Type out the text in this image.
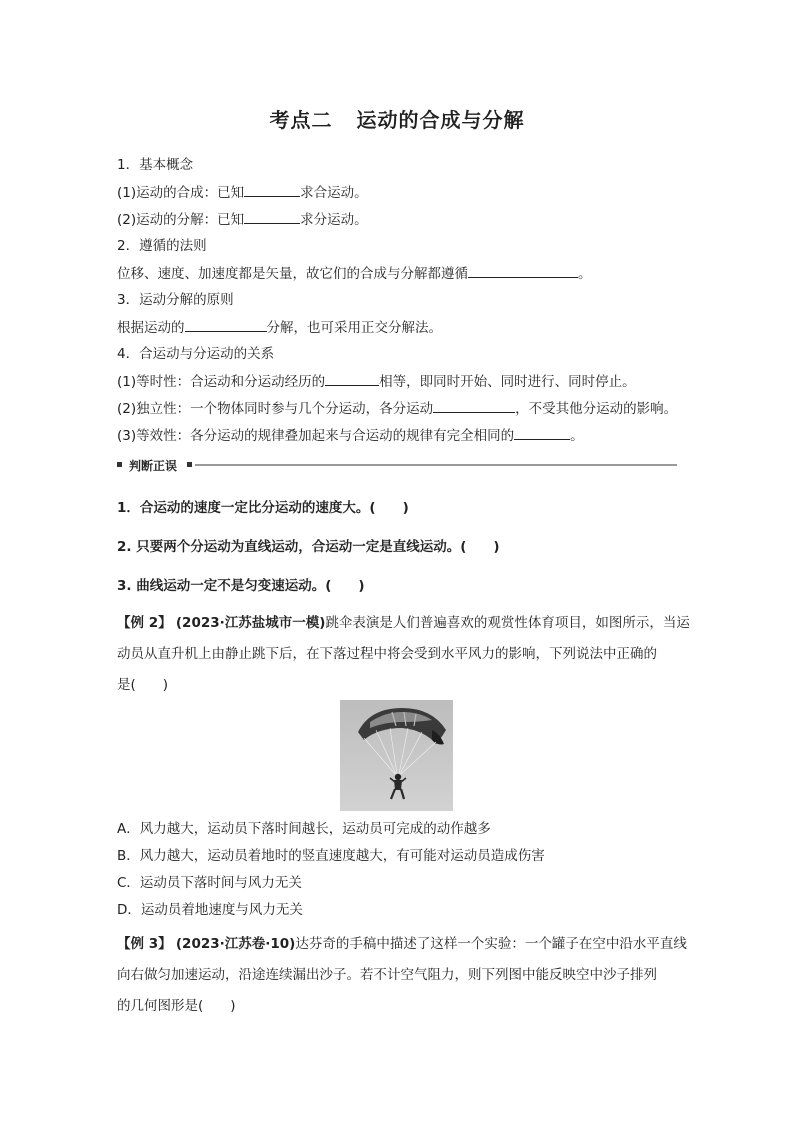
考点二 运动的合成与分解
1．基本概念
(1)运动的合成：已知	求合运动。
(2)运动的分解：已知	求分运动。
2．遵循的法则
位移、速度、加速度都是矢量，故它们的合成与分解都遵循	。
3．运动分解的原则
根据运动的	分解，也可采用正交分解法。
4．合运动与分运动的关系
(1)等时性：合运动和分运动经历的	相等，即同时开始、同时进行、同时停止。
(2)独立性：一个物体同时参与几个分运动，各分运动	，不受其他分运动的影响。
(3)等效性：各分运动的规律叠加起来与合运动的规律有完全相同的	。
判断正误
1．合运动的速度一定比分运动的速度大。(　　)
2. 只要两个分运动为直线运动，合运动一定是直线运动。(　　)
3. 曲线运动一定不是匀变速运动。(　　)
【例 2】 (2023·江苏盐城市一模)跳伞表演是人们普遍喜欢的观赏性体育项目，如图所示，当运
动员从直升机上由静止跳下后，在下落过程中将会受到水平风力的影响，下列说法中正确的
是(　　)
A．风力越大，运动员下落时间越长，运动员可完成的动作越多
B．风力越大，运动员着地时的竖直速度越大，有可能对运动员造成伤害
C．运动员下落时间与风力无关
D．运动员着地速度与风力无关
【例 3】 (2023·江苏卷·10)达芬奇的手稿中描述了这样一个实验：一个罐子在空中沿水平直线
向右做匀加速运动，沿途连续漏出沙子。若不计空气阻力，则下列图中能反映空中沙子排列
的几何图形是(　　)
